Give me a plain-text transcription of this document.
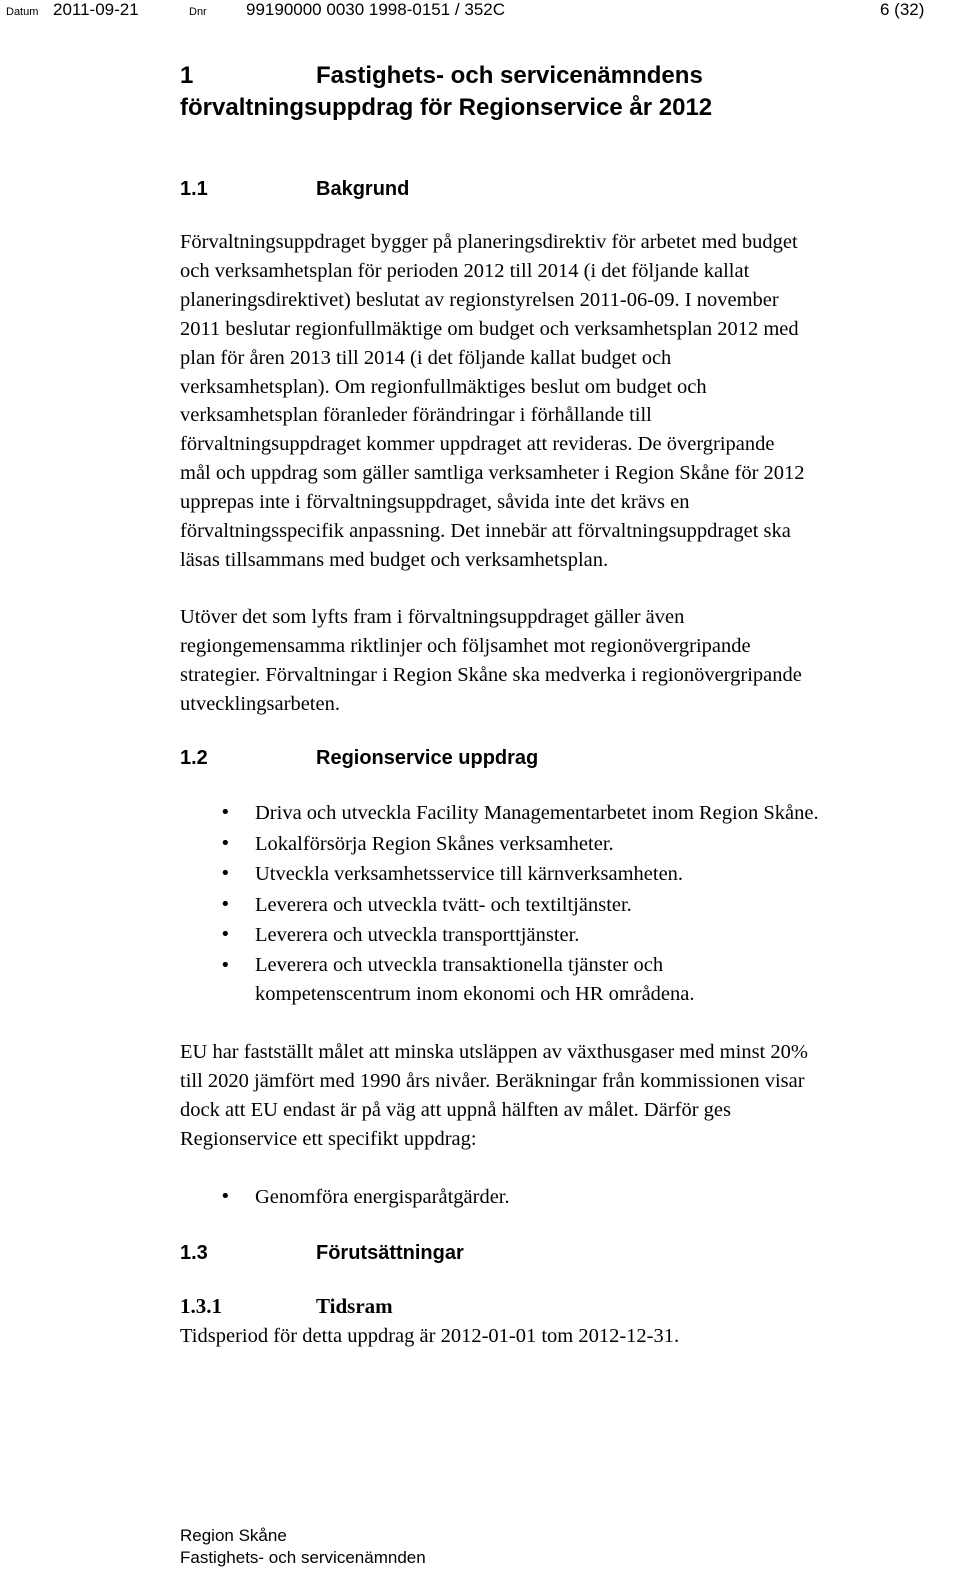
Datum 2011-09-21	Dnr 99190000 0030 1998-0151 / 352C	6 (32)
1	Fastighets- och servicenämndens
förvaltningsuppdrag för Regionservice år 2012
1.1	Bakgrund

Förvaltningsuppdraget bygger på planeringsdirektiv för arbetet med budget
och verksamhetsplan för perioden 2012 till 2014 (i det följande kallat
planeringsdirektivet) beslutat av regionstyrelsen 2011-06-09. I november
2011 beslutar regionfullmäktige om budget och verksamhetsplan 2012 med
plan för åren 2013 till 2014 (i det följande kallat budget och
verksamhetsplan). Om regionfullmäktiges beslut om budget och
verksamhetsplan föranleder förändringar i förhållande till
förvaltningsuppdraget kommer uppdraget att revideras. De övergripande
mål och uppdrag som gäller samtliga verksamheter i Region Skåne för 2012
upprepas inte i förvaltningsuppdraget, såvida inte det krävs en
förvaltningsspecifik anpassning. Det innebär att förvaltningsuppdraget ska
läsas tillsammans med budget och verksamhetsplan.

Utöver det som lyfts fram i förvaltningsuppdraget gäller även
regiongemensamma riktlinjer och följsamhet mot regionövergripande
strategier. Förvaltningar i Region Skåne ska medverka i regionövergripande
utvecklingsarbeten.

1.2	Regionservice uppdrag
• Driva och utveckla Facility Managementarbetet inom Region Skåne.
• Lokalförsörja Region Skånes verksamheter.
• Utveckla verksamhetsservice till kärnverksamheten.
• Leverera och utveckla tvätt- och textiltjänster.
• Leverera och utveckla transporttjänster.
• Leverera och utveckla transaktionella tjänster och
kompetenscentrum inom ekonomi och HR områdena.

EU har fastställt målet att minska utsläppen av växthusgaser med minst 20%
till 2020 jämfört med 1990 års nivåer. Beräkningar från kommissionen visar
dock att EU endast är på väg att uppnå hälften av målet. Därför ges
Regionservice ett specifikt uppdrag:

• Genomföra energisparåtgärder.
1.3	Förutsättningar
1.3.1	Tidsram

Tidsperiod för detta uppdrag är 2012-01-01 tom 2012-12-31.

Region Skåne
Fastighets- och servicenämnden
